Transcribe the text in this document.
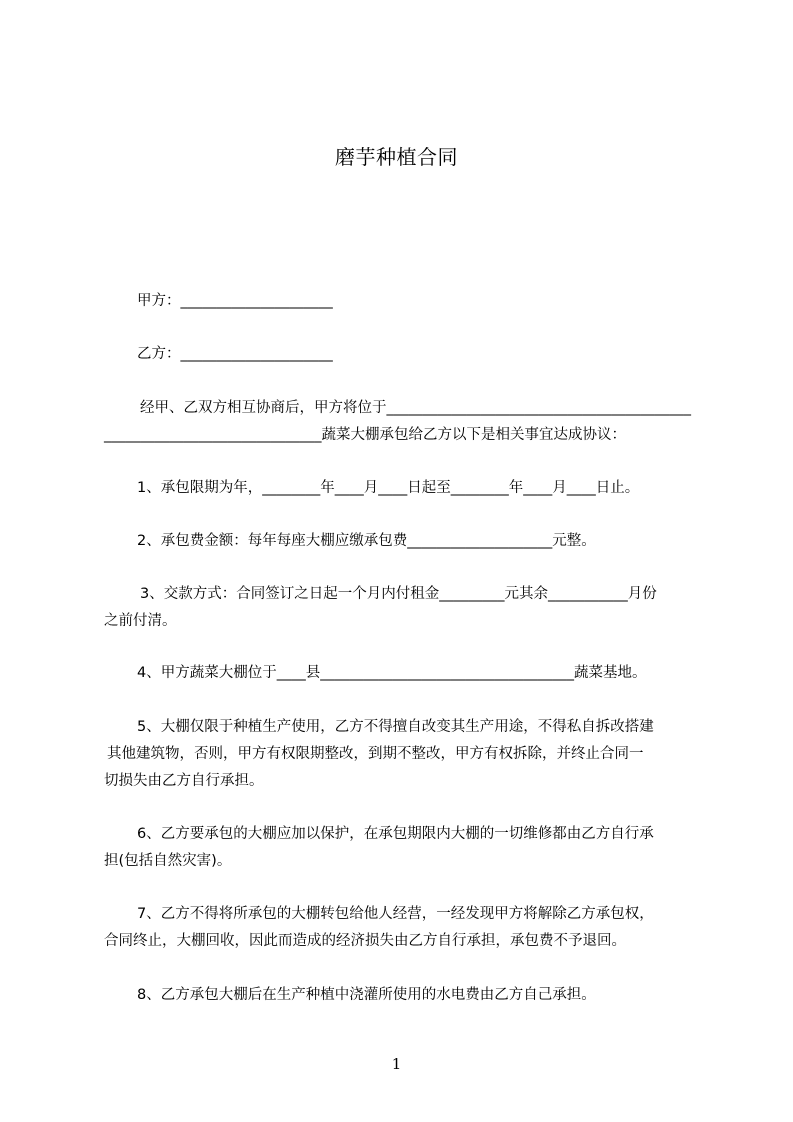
磨芋种植合同
甲方：_____________________
乙方：_____________________
经甲、乙双方相互协商后，甲方将位于__________________________________________
______________________________蔬菜大棚承包给乙方以下是相关事宜达成协议：
1、承包限期为年，________年____月____日起至________年____月____日止。
2、承包费金额：每年每座大棚应缴承包费____________________元整。
3、交款方式：合同签订之日起一个月内付租金_________元其余___________月份
之前付清。
4、甲方蔬菜大棚位于____县___________________________________蔬菜基地。
5、大棚仅限于种植生产使用，乙方不得擅自改变其生产用途，不得私自拆改搭建
其他建筑物，否则，甲方有权限期整改，到期不整改，甲方有权拆除，并终止合同一
切损失由乙方自行承担。
6、乙方要承包的大棚应加以保护，在承包期限内大棚的一切维修都由乙方自行承
担(包括自然灾害)。
7、乙方不得将所承包的大棚转包给他人经营，一经发现甲方将解除乙方承包权，
合同终止，大棚回收，因此而造成的经济损失由乙方自行承担，承包费不予退回。
8、乙方承包大棚后在生产种植中浇灌所使用的水电费由乙方自己承担。
1
